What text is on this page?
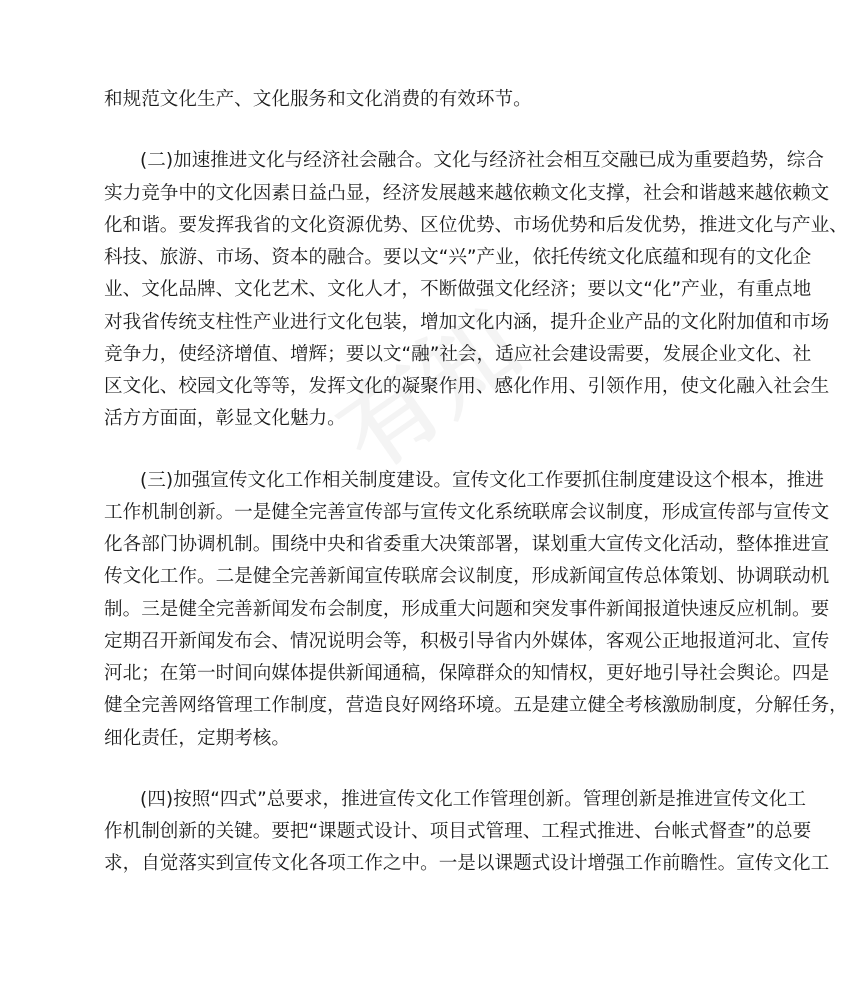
和规范文化生产、文化服务和文化消费的有效环节。
(二)加速推进文化与经济社会融合。文化与经济社会相互交融已成为重要趋势，综合
实力竞争中的文化因素日益凸显，经济发展越来越依赖文化支撑，社会和谐越来越依赖文
化和谐。要发挥我省的文化资源优势、区位优势、市场优势和后发优势，推进文化与产业、
科技、旅游、市场、资本的融合。要以文“兴”产业，依托传统文化底蕴和现有的文化企
业、文化品牌、文化艺术、文化人才，不断做强文化经济；要以文“化”产业，有重点地
对我省传统支柱性产业进行文化包装，增加文化内涵，提升企业产品的文化附加值和市场
竞争力，使经济增值、增辉；要以文“融”社会，适应社会建设需要，发展企业文化、社
区文化、校园文化等等，发挥文化的凝聚作用、感化作用、引领作用，使文化融入社会生
活方方面面，彰显文化魅力。
(三)加强宣传文化工作相关制度建设。宣传文化工作要抓住制度建设这个根本，推进
工作机制创新。一是健全完善宣传部与宣传文化系统联席会议制度，形成宣传部与宣传文
化各部门协调机制。围绕中央和省委重大决策部署，谋划重大宣传文化活动，整体推进宣
传文化工作。二是健全完善新闻宣传联席会议制度，形成新闻宣传总体策划、协调联动机
制。三是健全完善新闻发布会制度，形成重大问题和突发事件新闻报道快速反应机制。要
定期召开新闻发布会、情况说明会等，积极引导省内外媒体，客观公正地报道河北、宣传
河北；在第一时间向媒体提供新闻通稿，保障群众的知情权，更好地引导社会舆论。四是
健全完善网络管理工作制度，营造良好网络环境。五是建立健全考核激励制度，分解任务，
细化责任，定期考核。
(四)按照“四式”总要求，推进宣传文化工作管理创新。管理创新是推进宣传文化工
作机制创新的关键。要把“课题式设计、项目式管理、工程式推进、台帐式督查”的总要
求，自觉落实到宣传文化各项工作之中。一是以课题式设计增强工作前瞻性。宣传文化工
